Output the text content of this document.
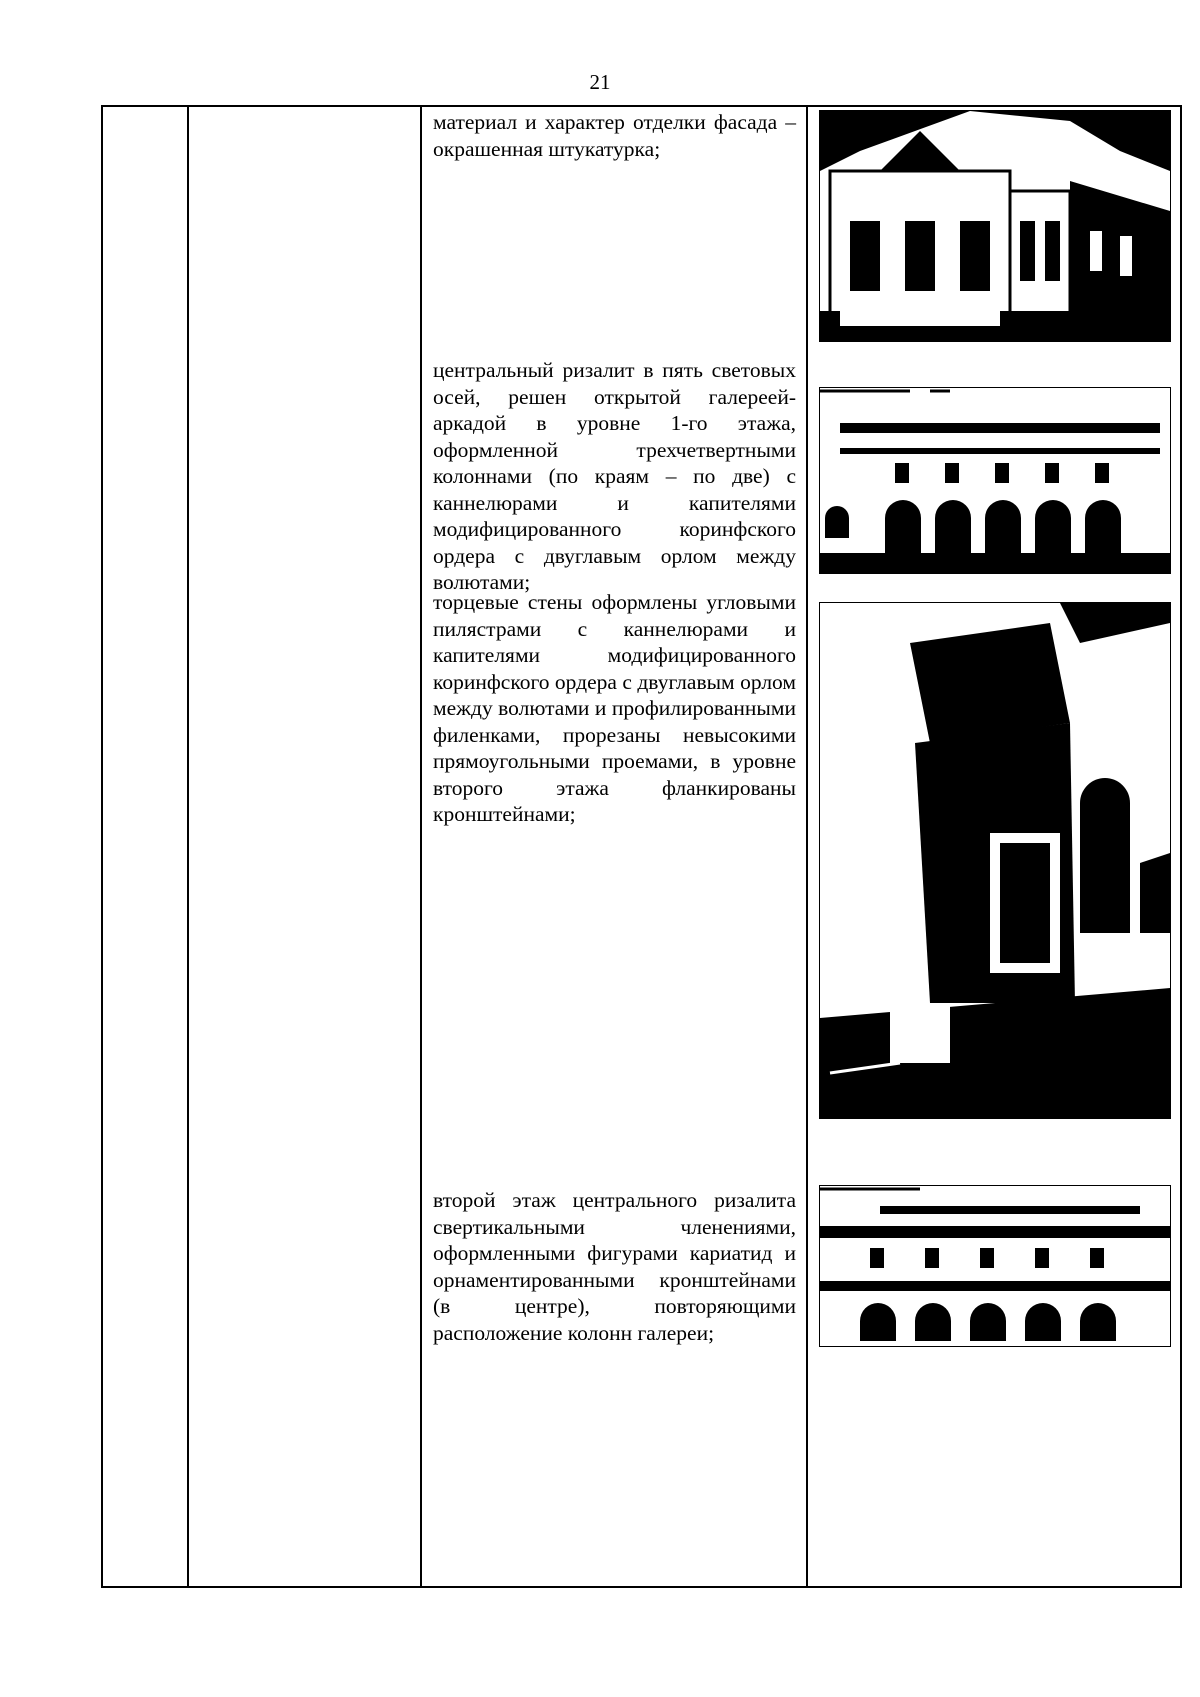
21
материал и характер отделки фасада – окрашенная штукатурка;
центральный ризалит в пять световых осей, решен открытой галереей-аркадой в уровне 1-го этажа, оформленной трехчетвертными колоннами (по краям – по две) с каннелюрами и капителями модифицированного коринфского ордера с двуглавым орлом между волютами;
торцевые стены оформлены угловыми пилястрами с каннелюрами и капителями модифицированного коринфского ордера с двуглавым орлом между волютами и профилированными филенками, прорезаны невысокими прямоугольными проемами, в уровне второго этажа фланкированы кронштейнами;
второй этаж центрального ризалита свертикальными членениями, оформленными фигурами кариатид и орнаментированными кронштейнами (в центре), повторяющими расположение колонн галереи;
